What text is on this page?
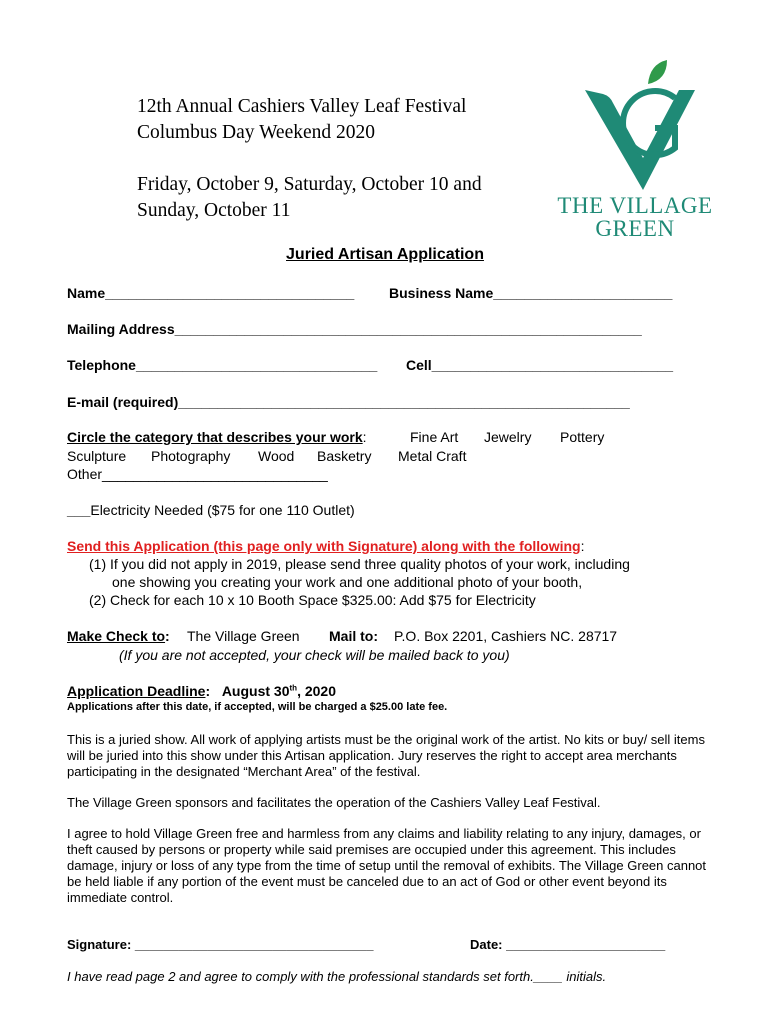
12th Annual Cashiers Valley Leaf Festival
Columbus Day Weekend 2020
Friday, October 9, Saturday, October 10 and
Sunday, October 11	THE VILLAGE
GREEN
Juried Artisan Application
Name________________________________ Business Name_______________________
Mailing Address____________________________________________________________
Telephone_______________________________ Cell_______________________________
E-mail (required)__________________________________________________________
Circle the category that describes your work:	Fine Art Jewelry Pottery
Sculpture Photography Wood Basketry Metal Craft
Other_____________________________
___Electricity Needed ($75 for one 110 Outlet)
Send this Application (this page only with Signature) along with the following:
(1) If you did not apply in 2019, please send three quality photos of your work, including
one showing you creating your work and one additional photo of your booth,
(2) Check for each 10 x 10 Booth Space $325.00: Add $75 for Electricity
Make Check to: The Village Green Mail to: P.O. Box 2201, Cashiers NC. 28717
(If you are not accepted, your check will be mailed back to you)
Application Deadline: August 30th, 2020
Applications after this date, if accepted, will be charged a $25.00 late fee.
This is a juried show. All work of applying artists must be the original work of the artist. No kits or buy/ sell items will be juried into this show under this Artisan application. Jury reserves the right to accept area merchants participating in the designated “Merchant Area” of the festival.
The Village Green sponsors and facilitates the operation of the Cashiers Valley Leaf Festival.
I agree to hold Village Green free and harmless from any claims and liability relating to any injury, damages, or theft caused by persons or property while said premises are occupied under this agreement. This includes damage, injury or loss of any type from the time of setup until the removal of exhibits. The Village Green cannot be held liable if any portion of the event must be canceled due to an act of God or other event beyond its immediate control.
Signature: _________________________________	Date: ______________________
I have read page 2 and agree to comply with the professional standards set forth.____ initials.
